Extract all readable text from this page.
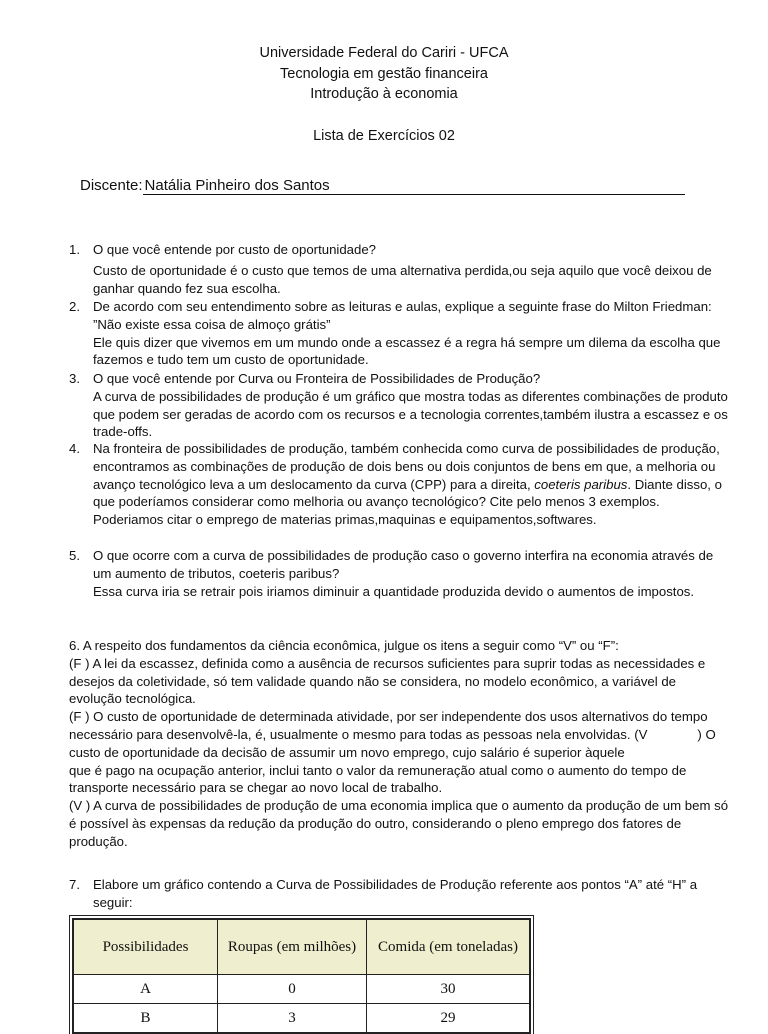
Universidade Federal do Cariri - UFCA
Tecnologia em gestão financeira
Introdução à economia
Lista de Exercícios 02
Discente: Natália Pinheiro dos Santos
1. O que você entende por custo de oportunidade?
Custo de oportunidade é o custo que temos de uma alternativa perdida,ou seja aquilo que você deixou de ganhar quando fez sua escolha.
2. De acordo com seu entendimento sobre as leituras e aulas, explique a seguinte frase do Milton Friedman: ”Não existe essa coisa de almoço grátis”
Ele quis dizer que vivemos em um mundo onde a escassez é a regra há sempre um dilema da escolha que fazemos e tudo tem um custo de oportunidade.
3. O que você entende por Curva ou Fronteira de Possibilidades de Produção?
A curva de possibilidades de produção é um gráfico que mostra todas as diferentes combinações de produto que podem ser geradas de acordo com os recursos e a tecnologia correntes,também ilustra a escassez e os trade-offs.
4. Na fronteira de possibilidades de produção, também conhecida como curva de possibilidades de produção, encontramos as combinações de produção de dois bens ou dois conjuntos de bens em que, a melhoria ou avanço tecnológico leva a um deslocamento da curva (CPP) para a direita, coeteris paribus. Diante disso, o que poderíamos considerar como melhoria ou avanço tecnológico? Cite pelo menos 3 exemplos.
Poderiamos citar o emprego de materias primas,maquinas e equipamentos,softwares.
5. O que ocorre com a curva de possibilidades de produção caso o governo interfira na economia através de um aumento de tributos, coeteris paribus?
Essa curva iria se retrair pois iriamos diminuir a quantidade produzida devido o aumentos de impostos.
6. A respeito dos fundamentos da ciência econômica, julgue os itens a seguir como “V” ou “F”:
(F ) A lei da escassez, definida como a ausência de recursos suficientes para suprir todas as necessidades e desejos da coletividade, só tem validade quando não se considera, no modelo econômico, a variável de evolução tecnológica.
(F ) O custo de oportunidade de determinada atividade, por ser independente dos usos alternativos do tempo necessário para desenvolvê-la, é, usualmente o mesmo para todas as pessoas nela envolvidas. (V	) O custo de oportunidade da decisão de assumir um novo emprego, cujo salário é superior àquele
que é pago na ocupação anterior, inclui tanto o valor da remuneração atual como o aumento do tempo de transporte necessário para se chegar ao novo local de trabalho.
(V ) A curva de possibilidades de produção de uma economia implica que o aumento da produção de um bem só é possível às expensas da redução da produção do outro, considerando o pleno emprego dos fatores de produção.
7. Elabore um gráfico contendo a Curva de Possibilidades de Produção referente aos pontos “A” até “H” a seguir:
Possibilidades	Roupas (em milhões)	Comida (em toneladas)
A	0	30
B	3	29
